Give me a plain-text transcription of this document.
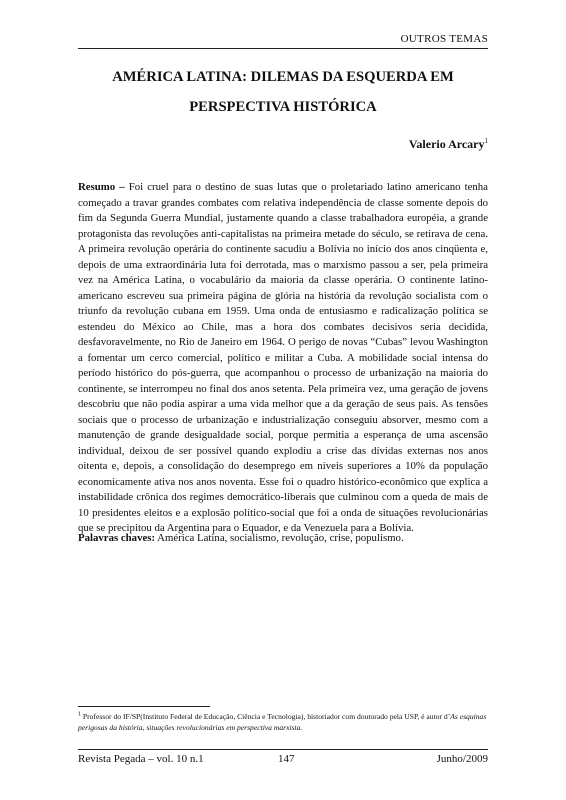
OUTROS TEMAS
AMÉRICA LATINA: DILEMAS DA ESQUERDA EM PERSPECTIVA HISTÓRICA
Valerio Arcary$^1$

Resumo – Foi cruel para o destino de suas lutas que o proletariado latino americano tenha começado a travar grandes combates com relativa independência de classe somente depois do fim da Segunda Guerra Mundial, justamente quando a classe trabalhadora européia, a grande protagonista das revoluções anti-capitalistas na primeira metade do século, se retirava de cena. A primeira revolução operária do continente sacudiu a Bolívia no início dos anos cinqüenta e, depois de uma extraordinária luta foi derrotada, mas o marxismo passou a ser, pela primeira vez na América Latina, o vocabulário da maioria da classe operária. O continente latino-americano escreveu sua primeira página de glória na história da revolução socialista com o triunfo da revolução cubana em 1959. Uma onda de entusiasmo e radicalização política se estendeu do México ao Chile, mas a hora dos combates decisivos seria decidida, desfavoravelmente, no Rio de Janeiro em 1964. O perigo de novas “Cubas” levou Washington a fomentar um cerco comercial, político e militar a Cuba. A mobilidade social intensa do período histórico do pós-guerra, que acompanhou o processo de urbanização na maioria do continente, se interrompeu no final dos anos setenta. Pela primeira vez, uma geração de jovens descobriu que não podia aspirar a uma vida melhor que a da geração de seus pais. As tensões sociais que o processo de urbanização e industrialização conseguiu absorver, mesmo com a manutenção de grande desigualdade social, porque permitia a esperança de uma ascensão individual, deixou de ser possível quando explodiu a crise das dívidas externas nos anos oitenta e, depois, a consolidação do desemprego em níveis superiores a 10% da população economicamente ativa nos anos noventa. Esse foi o quadro histórico-econômico que explica a instabilidade crônica dos regimes democrático-liberais que culminou com a queda de mais de 10 presidentes eleitos e a explosão político-social que foi a onda de situações revolucionárias que se precipitou da Argentina para o Equador, e da Venezuela para a Bolívia.

Palavras chaves: América Latina, socialismo, revolução, crise, populismo.

$^1$ Professor do IF/SP(Instituto Federal de Educação, Ciência e Tecnologia), historiador com doutorado pela USP, é autor d’As esquinas perigosas da história, situações revolucionárias em perspectiva marxista.

Revista Pegada – vol. 10 n.1	147	Junho/2009
